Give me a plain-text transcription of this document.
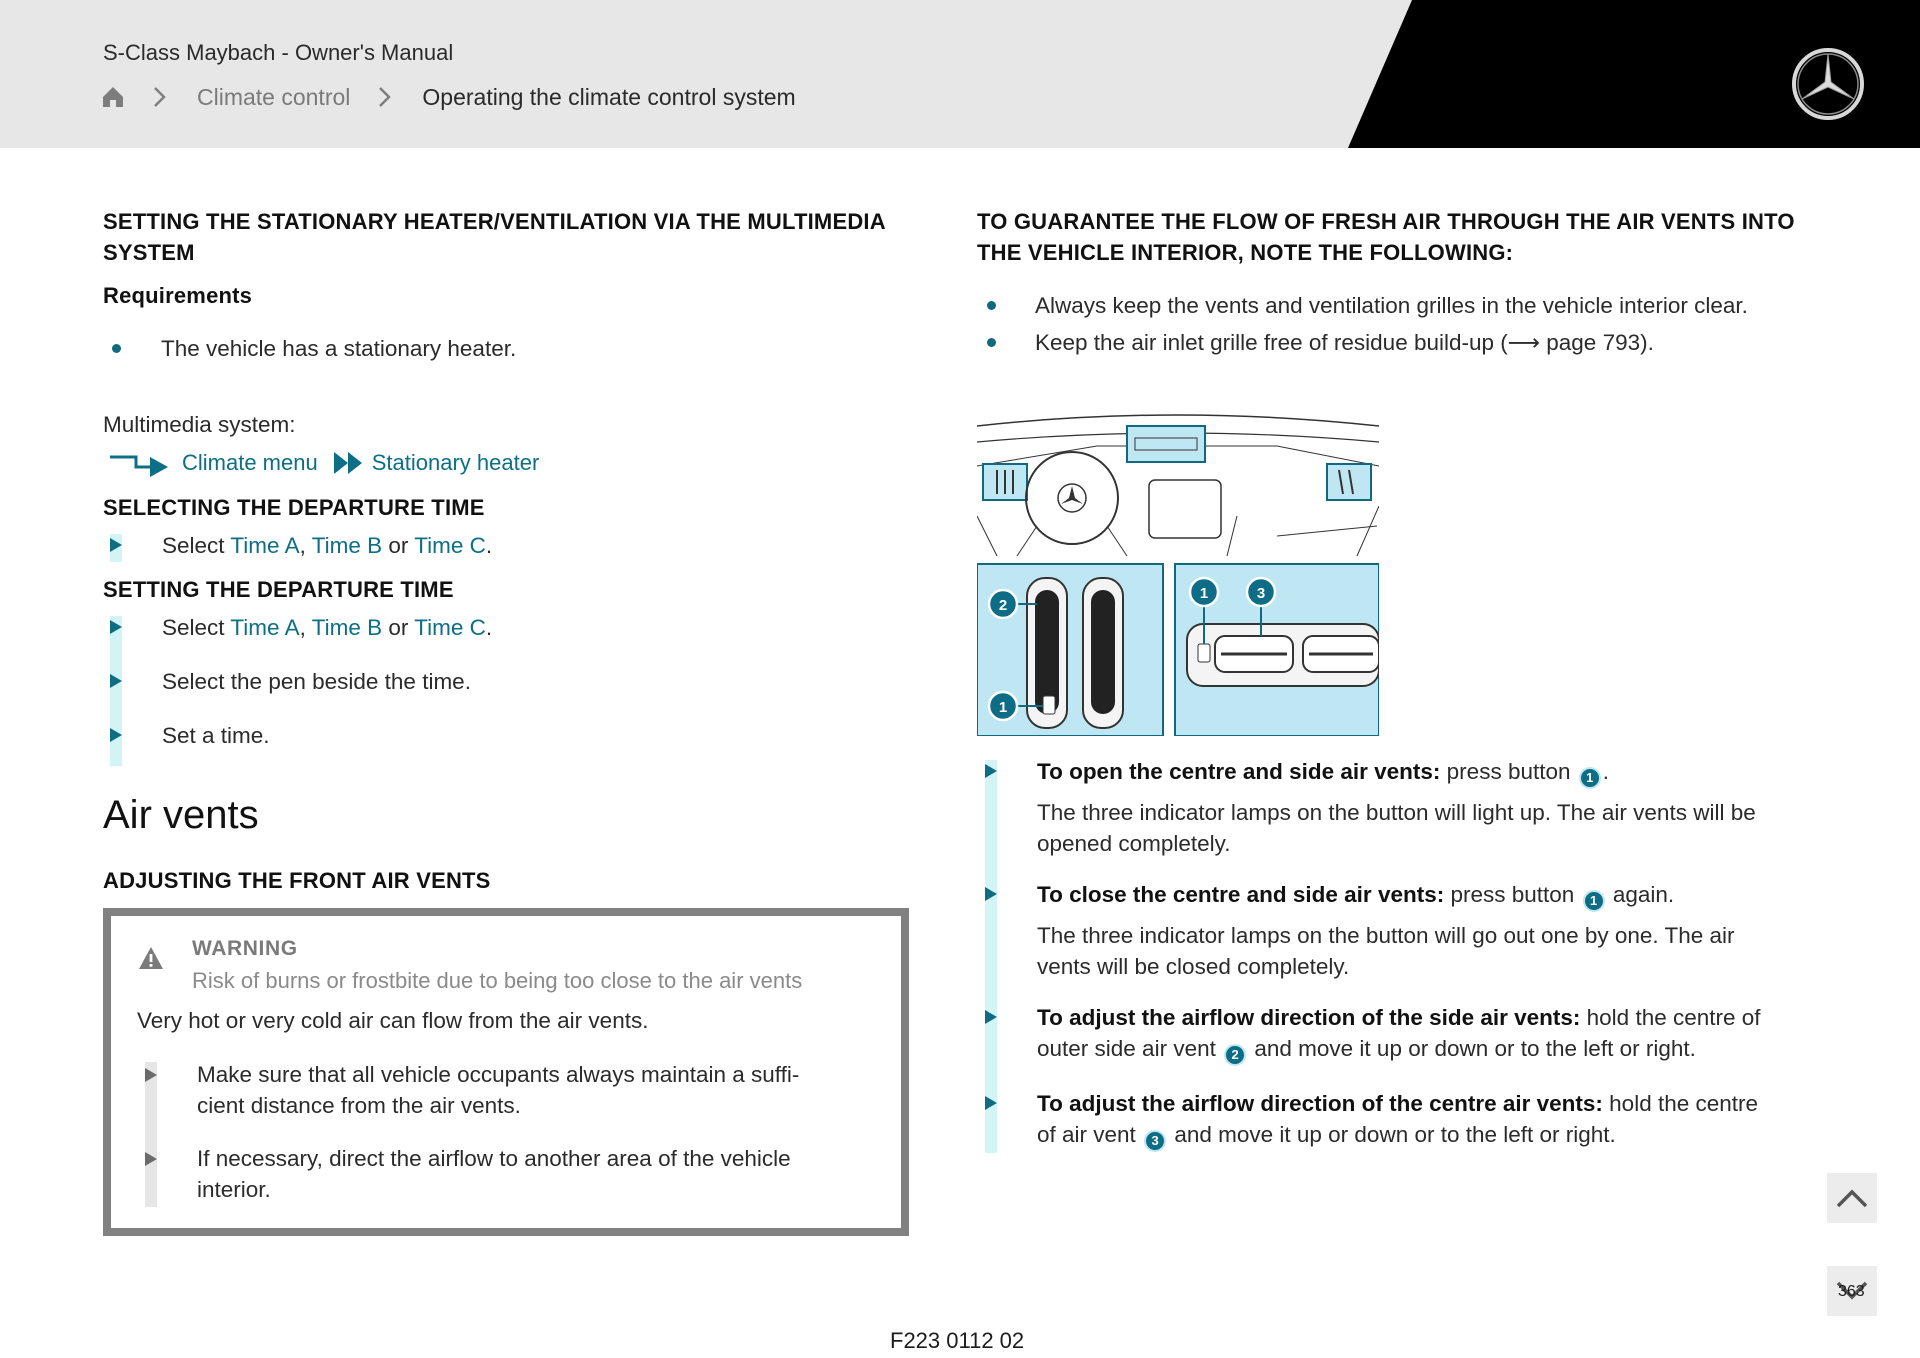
S-Class Maybach - Owner's Manual
Climate control	Operating the climate control system
SETTING THE STATIONARY HEATER/VENTILATION VIA THE MULTIMEDIA
SYSTEM
Requirements
The vehicle has a stationary heater.
Multimedia system:
Climate menu Stationary heater
SELECTING THE DEPARTURE TIME
Select Time A, Time B or Time C.
SETTING THE DEPARTURE TIME
Select Time A, Time B or Time C.
Select the pen beside the time.
Set a time.
Air vents
ADJUSTING THE FRONT AIR VENTS
WARNING
Risk of burns or frostbite due to being too close to the air vents
Very hot or very cold air can flow from the air vents.
Make sure that all vehicle occupants always maintain a suffi-
cient distance from the air vents.
If necessary, direct the airflow to another area of the vehicle
interior.
TO GUARANTEE THE FLOW OF FRESH AIR THROUGH THE AIR VENTS INTO
THE VEHICLE INTERIOR, NOTE THE FOLLOWING:
Always keep the vents and ventilation grilles in the vehicle interior clear.
Keep the air inlet grille free of residue build-up (⟶ page 793).
2
1
1	3
To open the centre and side air vents: press button 1 .
The three indicator lamps on the button will light up. The air vents will be
opened completely.
To close the centre and side air vents: press button 1 again.
The three indicator lamps on the button will go out one by one. The air
vents will be closed completely.
To adjust the airflow direction of the side air vents: hold the centre of
outer side air vent 2 and move it up or down or to the left or right.
To adjust the airflow direction of the centre air vents: hold the centre
of air vent 3 and move it up or down or to the left or right.
363
F223 0112 02
